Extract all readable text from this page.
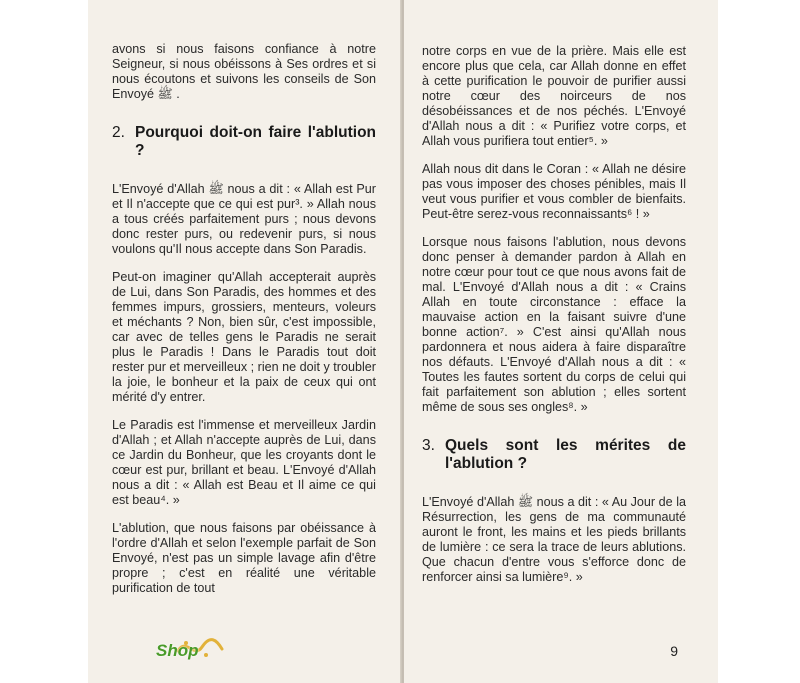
avons si nous faisons confiance à notre Seigneur, si nous obéissons à Ses ordres et si nous écoutons et suivons les conseils de Son Envoyé ﷺ .

2. Pourquoi doit-on faire l'ablution ?

L'Envoyé d'Allah ﷺ nous a dit : « Allah est Pur et Il n'accepte que ce qui est pur³. » Allah nous a tous créés parfaitement purs ; nous devons donc rester purs, ou redevenir purs, si nous voulons qu'Il nous accepte dans Son Paradis.

Peut-on imaginer qu'Allah accepterait auprès de Lui, dans Son Paradis, des hommes et des femmes impurs, grossiers, menteurs, voleurs et méchants ? Non, bien sûr, c'est impossible, car avec de telles gens le Paradis ne serait plus le Paradis ! Dans le Paradis tout doit rester pur et merveilleux ; rien ne doit y troubler la joie, le bonheur et la paix de ceux qui ont mérité d'y entrer.

Le Paradis est l'immense et merveilleux Jardin d'Allah ; et Allah n'accepte auprès de Lui, dans ce Jardin du Bonheur, que les croyants dont le cœur est pur, brillant et beau. L'Envoyé d'Allah nous a dit : « Allah est Beau et Il aime ce qui est beau⁴. »

L'ablution, que nous faisons par obéissance à l'ordre d'Allah et selon l'exemple parfait de Son Envoyé, n'est pas un simple lavage afin d'être propre ; c'est en réalité une véritable purification de tout

notre corps en vue de la prière. Mais elle est encore plus que cela, car Allah donne en effet à cette purification le pouvoir de purifier aussi notre cœur des noirceurs de nos désobéissances et de nos péchés. L'Envoyé d'Allah nous a dit : « Purifiez votre corps, et Allah vous purifiera tout entier⁵. »

Allah nous dit dans le Coran : « Allah ne désire pas vous imposer des choses pénibles, mais Il veut vous purifier et vous combler de bienfaits. Peut-être serez-vous reconnaissants⁶ ! »

Lorsque nous faisons l'ablution, nous devons donc penser à demander pardon à Allah en notre cœur pour tout ce que nous avons fait de mal. L'Envoyé d'Allah nous a dit : « Crains Allah en toute circonstance : efface la mauvaise action en la faisant suivre d'une bonne action⁷. » C'est ainsi qu'Allah nous pardonnera et nous aidera à faire disparaître nos défauts. L'Envoyé d'Allah nous a dit : « Toutes les fautes sortent du corps de celui qui fait parfaitement son ablution ; elles sortent même de sous ses ongles⁸. »

3. Quels sont les mérites de l'ablution ?

L'Envoyé d'Allah ﷺ nous a dit : « Au Jour de la Résurrection, les gens de ma communauté auront le front, les mains et les pieds brillants de lumière : ce sera la trace de leurs ablutions. Que chacun d'entre vous s'efforce donc de renforcer ainsi sa lumière⁹. »

9
Shop
